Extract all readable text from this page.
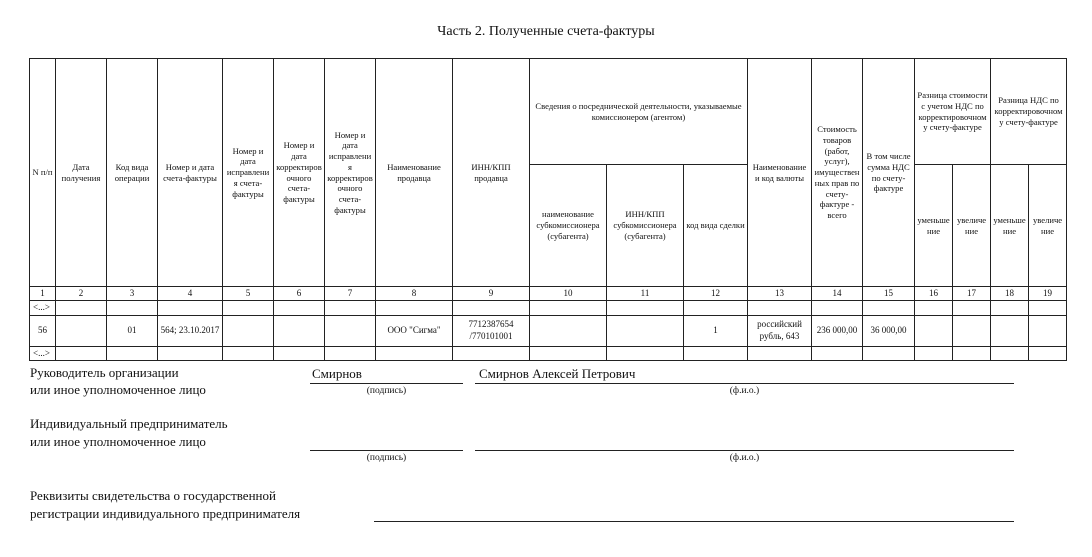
Часть 2. Полученные счета-фактуры
N п/п	Дата получения	Код вида операции	Номер и дата счета-фактуры	Номер и дата исправления счета-фактуры	Номер и дата корректировочного счета-фактуры	Номер и дата исправления корректировочного счета-фактуры	Наименование продавца	ИНН/КПП продавца	Сведения о посреднической деятельности, указываемые комиссионером (агентом)			Наименование и код валюты	Стоимость товаров (работ, услуг), имущественных прав по счету-фактуре - всего	В том числе сумма НДС по счету-фактуре	Разница стоимости с учетом НДС по корректировочному счету-фактуре		Разница НДС по корректировочному счету-фактуре	
									наименование субкомиссионера (субагента)	ИНН/КПП субкомиссионера (субагента)	код вида сделки				уменьшение	увеличение	уменьшение	увеличение
1	2	3	4	5	6	7	8	9	10	11	12	13	14	15	16	17	18	19
<...>																		
56		01	564; 23.10.2017				ООО "Сигма"	7712387654 /770101001			1	российский рубль, 643	236 000,00	36 000,00				
<...>																		
Руководитель организации
или иное уполномоченное лицо
Смирнов	Смирнов Алексей Петрович
(подпись)	(ф.и.о.)
Индивидуальный предприниматель
или иное уполномоченное лицо
(подпись)	(ф.и.о.)
Реквизиты свидетельства о государственной
регистрации индивидуального предпринимателя
